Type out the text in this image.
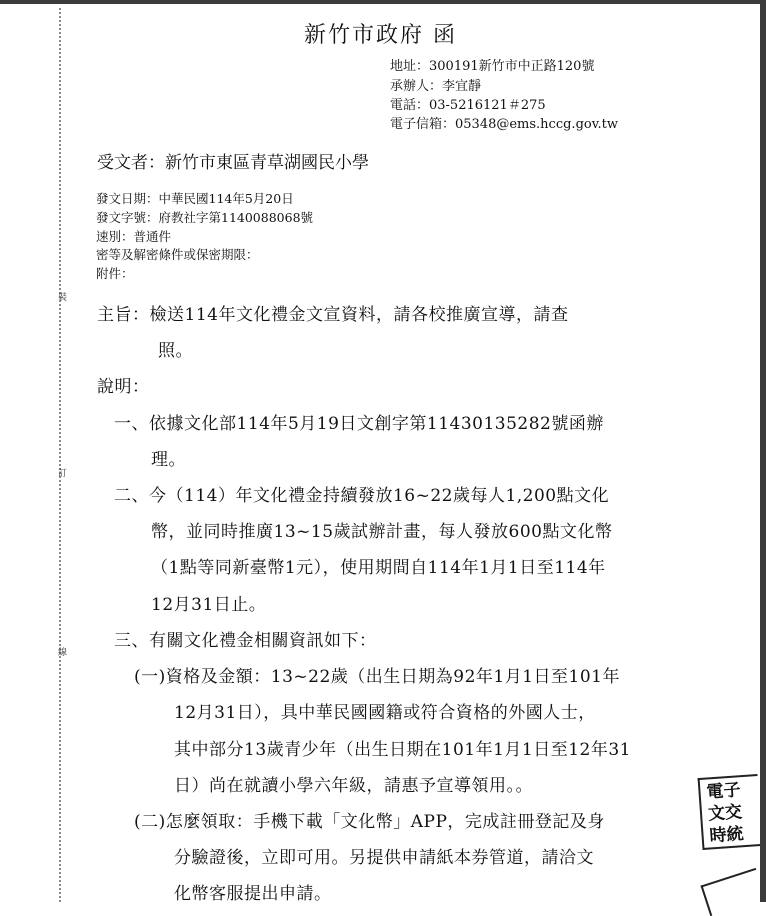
裝
訂
線
新竹市政府 函
地址：300191新竹市中正路120號
承辦人：李宜靜
電話：03-5216121＃275
電子信箱：05348@ems.hccg.gov.tw
受文者：新竹市東區青草湖國民小學
發文日期：中華民國114年5月20日
發文字號：府教社字第1140088068號
速別：普通件
密等及解密條件或保密期限：
附件：
主旨：檢送114年文化禮金文宣資料，請各校推廣宣導，請查
照。
說明：
一、依據文化部114年5月19日文創字第11430135282號函辦
理。
二、今（114）年文化禮金持續發放16~22歲每人1,200點文化
幣，並同時推廣13~15歲試辦計畫，每人發放600點文化幣
（1點等同新臺幣1元），使用期間自114年1月1日至114年
12月31日止。
三、有關文化禮金相關資訊如下：
(一)資格及金額：13~22歲（出生日期為92年1月1日至101年
12月31日），具中華民國國籍或符合資格的外國人士，
其中部分13歲青少年（出生日期在101年1月1日至12年31
日）尚在就讀小學六年級，請惠予宣導領用。。
(二)怎麼領取：手機下載「文化幣」APP，完成註冊登記及身
分驗證後，立即可用。另提供申請紙本券管道，請洽文
化幣客服提出申請。
電子
文交
時統
